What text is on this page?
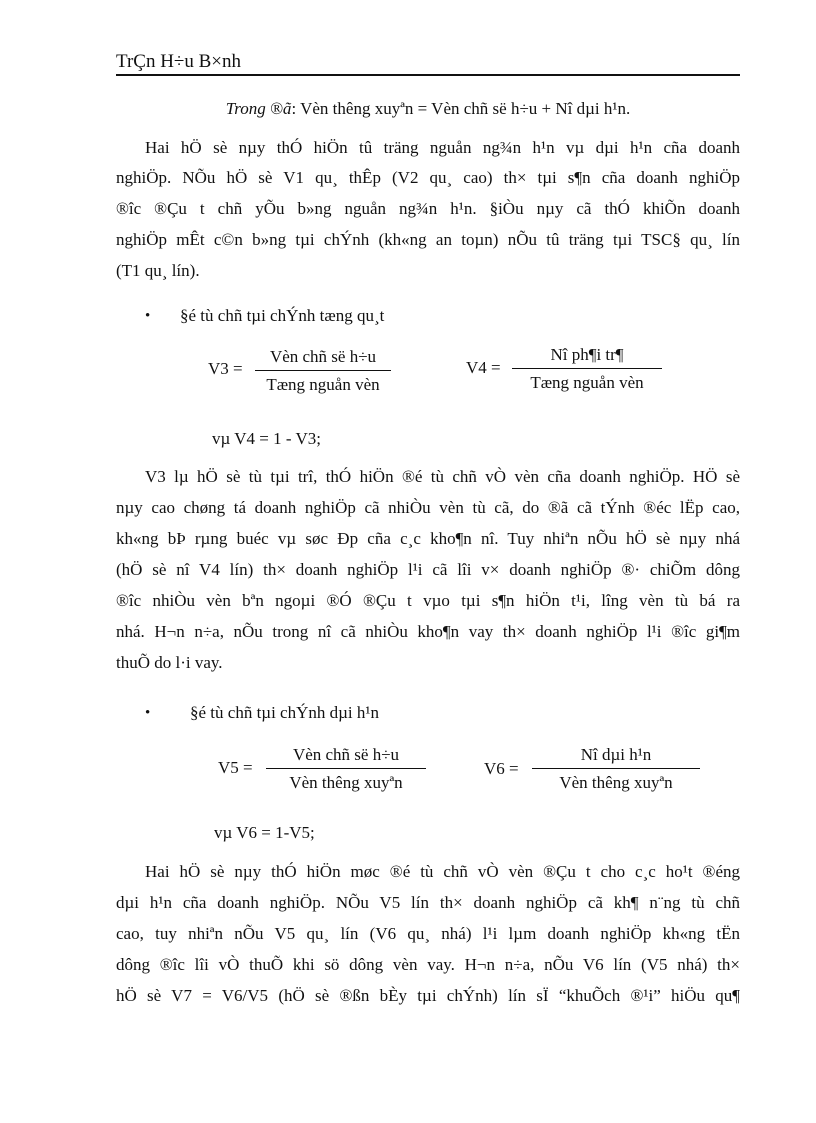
TrÇn H÷u B×nh
Trong ®ã: Vèn thêng xuyªn = Vèn chñ së h÷u + Nî dµi h¹n.
Hai hÖ sè nµy thÓ hiÖn tû träng nguån ng¾n h¹n vµ dµi h¹n cña doanh
nghiÖp. NÕu hÖ sè V1 qu¸ thÊp (V2 qu¸ cao) th× tµi s¶n cña doanh nghiÖp
®îc ®Çu t chñ yÕu b»ng nguån ng¾n h¹n. §iÒu nµy cã thÓ khiÕn doanh
nghiÖp mÊt c©n b»ng tµi chÝnh (kh«ng an toµn) nÕu tû träng tµi TSC§ qu¸ lín
(T1 qu¸ lín).
• §é tù chñ tµi chÝnh tæng qu¸t
V3 =
Vèn chñ së h÷u
Tæng nguån vèn
V4 =
Nî ph¶i tr¶
Tæng nguån vèn
vµ V4 = 1 - V3;
V3 lµ hÖ sè tù tµi trî, thÓ hiÖn ®é tù chñ vÒ vèn cña doanh nghiÖp. HÖ sè
nµy cao chøng tá doanh nghiÖp cã nhiÒu vèn tù cã, do ®ã cã tÝnh ®éc lËp cao,
kh«ng bÞ rµng buéc vµ søc Ðp cña c¸c kho¶n nî. Tuy nhiªn nÕu hÖ sè nµy nhá
(hÖ sè nî V4 lín) th× doanh nghiÖp l¹i cã lîi v× doanh nghiÖp ®· chiÕm dông
®îc nhiÒu vèn bªn ngoµi ®Ó ®Çu t vµo tµi s¶n hiÖn t¹i, lîng vèn tù bá ra
nhá. H¬n n÷a, nÕu trong nî cã nhiÒu kho¶n vay th× doanh nghiÖp l¹i ®îc gi¶m
thuÕ do l·i vay.
• §é tù chñ tµi chÝnh dµi h¹n
V5 =
Vèn chñ së h÷u
Vèn thêng xuyªn
V6 =
Nî dµi h¹n
Vèn thêng xuyªn
vµ V6 = 1-V5;
Hai hÖ sè nµy thÓ hiÖn møc ®é tù chñ vÒ vèn ®Çu t cho c¸c ho¹t ®éng
dµi h¹n cña doanh nghiÖp. NÕu V5 lín th× doanh nghiÖp cã kh¶ n¨ng tù chñ
cao, tuy nhiªn nÕu V5 qu¸ lín (V6 qu¸ nhá) l¹i lµm doanh nghiÖp kh«ng tËn
dông ®îc lîi vÒ thuÕ khi sö dông vèn vay. H¬n n÷a, nÕu V6 lín (V5 nhá) th×
hÖ sè V7 = V6/V5 (hÖ sè ®ßn bÈy tµi chÝnh) lín sÏ “khuÕch ®¹i” hiÖu qu¶
